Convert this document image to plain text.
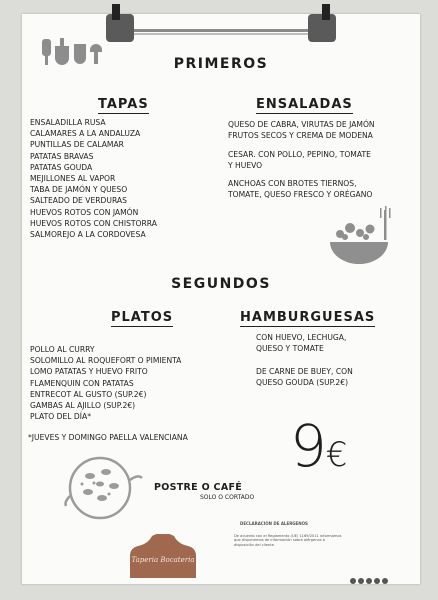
PRIMEROS
TAPAS
ENSALADILLA RUSA
CALAMARES A LA ANDALUZA
PUNTILLAS DE CALAMAR
PATATAS BRAVAS
PATATAS GOUDA
MEJILLONES AL VAPOR
TABA DE JAMÓN Y QUESO
SALTEADO DE VERDURAS
HUEVOS ROTOS CON JAMÓN
HUEVOS ROTOS CON CHISTORRA
SALMOREJO A LA CORDOVESA
ENSALADAS
QUESO DE CABRA, VIRUTAS DE JAMÓN
FRUTOS SECOS Y CREMA DE MODENA
CESAR. CON POLLO, PEPINO, TOMATE
Y HUEVO
ANCHOAS CON BROTES TIERNOS,
TOMATE, QUESO FRESCO Y ORÉGANO
SEGUNDOS
PLATOS
POLLO AL CURRY
SOLOMILLO AL ROQUEFORT O PIMIENTA
LOMO PATATAS Y HUEVO FRITO
FLAMENQUIN CON PATATAS
ENTRECOT AL GUSTO (SUP.2€)
GAMBAS AL AJILLO (SUP.2€)
PLATO DEL DÍA*
*JUEVES Y DOMINGO PAELLA VALENCIANA
HAMBURGUESAS
CON HUEVO, LECHUGA,
QUESO Y TOMATE
DE CARNE DE BUEY, CON
QUESO GOUDA (SUP.2€)
9€
POSTRE O CAFÉ
SOLO O CORTADO
Taperia Bocateria
DECLARACION DE ALERGENOS
De acuerdo con el Reglamento (UE) 1169/2011 informamos que disponemos de información sobre alérgenos a disposición del cliente.
